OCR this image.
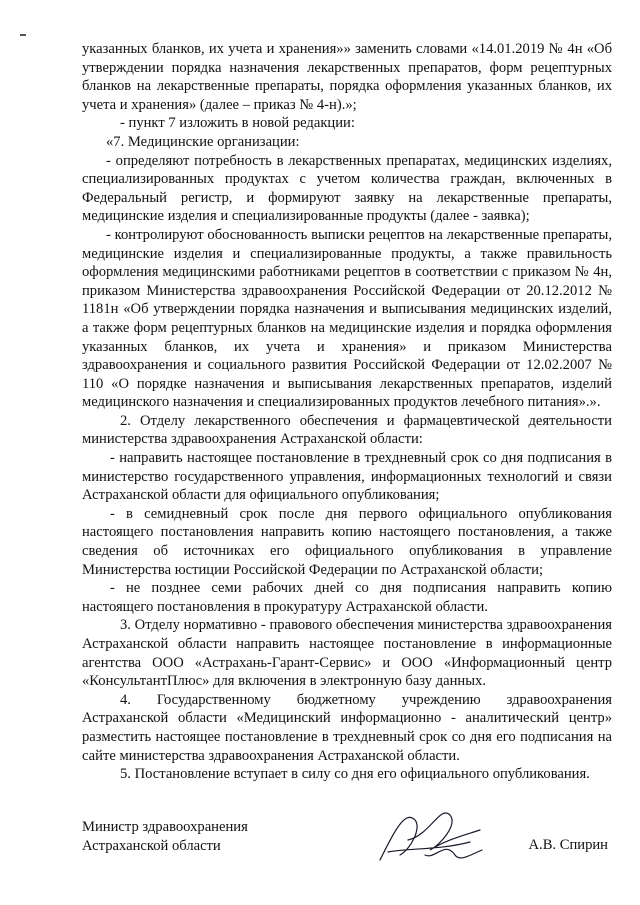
указанных бланков, их учета и хранения»» заменить словами «14.01.2019 № 4н «Об утверждении порядка назначения лекарственных препаратов, форм рецептурных бланков на лекарственные препараты, порядка оформления указанных бланков, их учета и хранения» (далее – приказ № 4-н).»;

- пункт 7 изложить в новой редакции:

«7. Медицинские организации:

- определяют потребность в лекарственных препаратах, медицинских изделиях, специализированных продуктах с учетом количества граждан, включенных в Федеральный регистр, и формируют заявку на лекарственные препараты, медицинские изделия и специализированные продукты (далее - заявка);

- контролируют обоснованность выписки рецептов на лекарственные препараты, медицинские изделия и специализированные продукты, а также правильность оформления медицинскими работниками рецептов в соответствии с приказом № 4н, приказом Министерства здравоохранения Российской Федерации от 20.12.2012 № 1181н «Об утверждении порядка назначения и выписывания медицинских изделий, а также форм рецептурных бланков на медицинские изделия и порядка оформления указанных бланков, их учета и хранения» и приказом Министерства здравоохранения и социального развития Российской Федерации от 12.02.2007 № 110 «О порядке назначения и выписывания лекарственных препаратов, изделий медицинского назначения и специализированных продуктов лечебного питания».».

2. Отделу лекарственного обеспечения и фармацевтической деятельности министерства здравоохранения Астраханской области:

- направить настоящее постановление в трехдневный срок со дня подписания в министерство государственного управления, информационных технологий и связи Астраханской области для официального опубликования;

- в семидневный срок после дня первого официального опубликования настоящего постановления направить копию настоящего постановления, а также сведения об источниках его официального опубликования в управление Министерства юстиции Российской Федерации по Астраханской области;

- не позднее семи рабочих дней со дня подписания направить копию настоящего постановления в прокуратуру Астраханской области.

3. Отделу нормативно - правового обеспечения министерства здравоохранения Астраханской области направить настоящее постановление в информационные агентства ООО «Астрахань-Гарант-Сервис» и ООО «Информационный центр «КонсультантПлюс» для включения в электронную базу данных.

4. Государственному бюджетному учреждению здравоохранения Астраханской области «Медицинский информационно - аналитический центр» разместить настоящее постановление в трехдневный срок со дня его подписания на сайте министерства здравоохранения Астраханской области.

5. Постановление вступает в силу со дня его официального опубликования.

Министр здравоохранения
Астраханской области	А.В. Спирин
